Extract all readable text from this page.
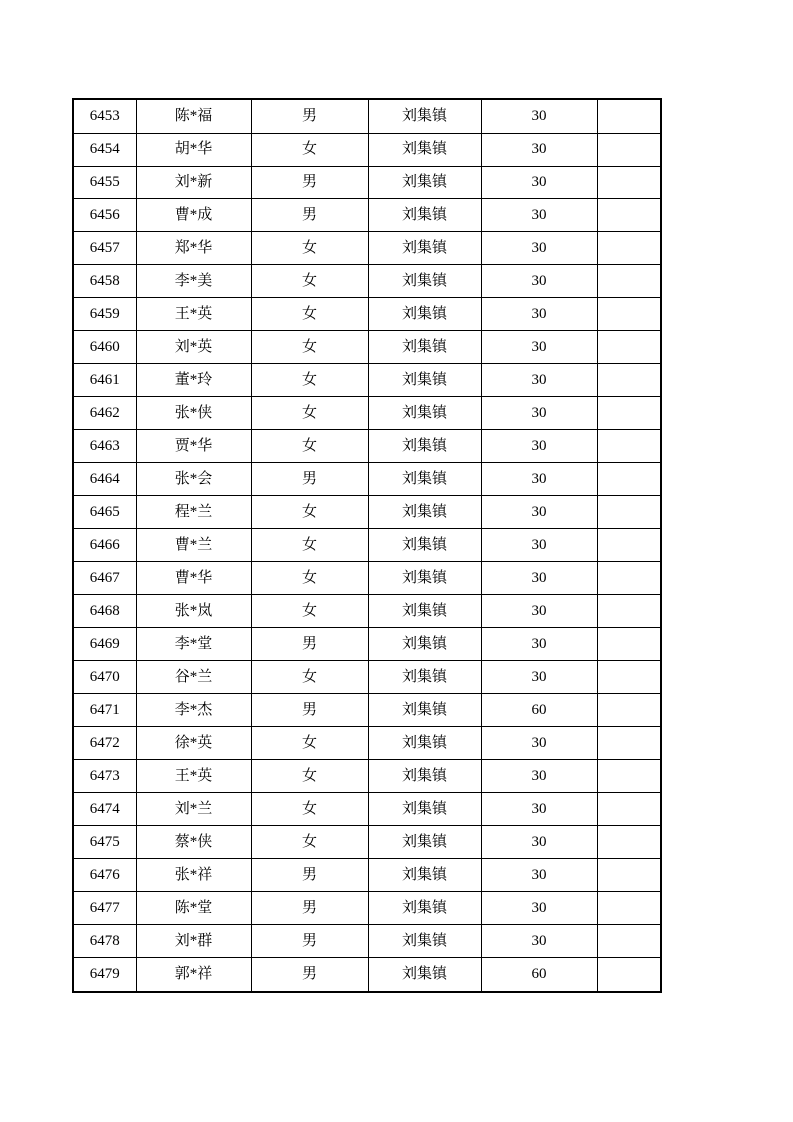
6453	陈*福	男	刘集镇	30	
6454	胡*华	女	刘集镇	30	
6455	刘*新	男	刘集镇	30	
6456	曹*成	男	刘集镇	30	
6457	郑*华	女	刘集镇	30	
6458	李*美	女	刘集镇	30	
6459	王*英	女	刘集镇	30	
6460	刘*英	女	刘集镇	30	
6461	董*玲	女	刘集镇	30	
6462	张*侠	女	刘集镇	30	
6463	贾*华	女	刘集镇	30	
6464	张*会	男	刘集镇	30	
6465	程*兰	女	刘集镇	30	
6466	曹*兰	女	刘集镇	30	
6467	曹*华	女	刘集镇	30	
6468	张*岚	女	刘集镇	30	
6469	李*堂	男	刘集镇	30	
6470	谷*兰	女	刘集镇	30	
6471	李*杰	男	刘集镇	60	
6472	徐*英	女	刘集镇	30	
6473	王*英	女	刘集镇	30	
6474	刘*兰	女	刘集镇	30	
6475	蔡*侠	女	刘集镇	30	
6476	张*祥	男	刘集镇	30	
6477	陈*堂	男	刘集镇	30	
6478	刘*群	男	刘集镇	30	
6479	郭*祥	男	刘集镇	60	
